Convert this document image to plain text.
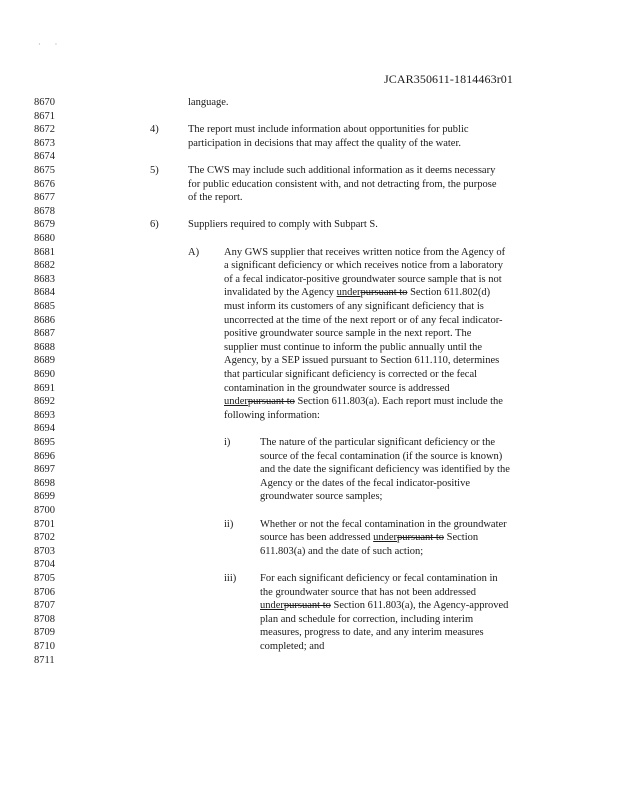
·       ·
JCAR350611-1814463r01
8670
8671
8672
8673
8674
8675
8676
8677
8678
8679
8680
8681
8682
8683
8684
8685
8686
8687
8688
8689
8690
8691
8692
8693
8694
8695
8696
8697
8698
8699
8700
8701
8702
8703
8704
8705
8706
8707
8708
8709
8710
8711
language.
4)	The report must include information about opportunities for public
participation in decisions that may affect the quality of the water.
5)	The CWS may include such additional information as it deems necessary
for public education consistent with, and not detracting from, the purpose
of the report.
6)	Suppliers required to comply with Subpart S.
A) Any GWS supplier that receives written notice from the Agency of
a significant deficiency or which receives notice from a laboratory
of a fecal indicator-positive groundwater source sample that is not
invalidated by the Agency underpursuant to Section 611.802(d)
must inform its customers of any significant deficiency that is
uncorrected at the time of the next report or of any fecal indicator-
positive groundwater source sample in the next report. The
supplier must continue to inform the public annually until the
Agency, by a SEP issued pursuant to Section 611.110, determines
that particular significant deficiency is corrected or the fecal
contamination in the groundwater source is addressed
underpursuant to Section 611.803(a). Each report must include the
following information:
i)	The nature of the particular significant deficiency or the
source of the fecal contamination (if the source is known)
and the date the significant deficiency was identified by the
Agency or the dates of the fecal indicator-positive
groundwater source samples;
ii)	Whether or not the fecal contamination in the groundwater
source has been addressed underpursuant to Section
611.803(a) and the date of such action;
iii) For each significant deficiency or fecal contamination in
the groundwater source that has not been addressed
underpursuant to Section 611.803(a), the Agency-approved
plan and schedule for correction, including interim
measures, progress to date, and any interim measures
completed; and
